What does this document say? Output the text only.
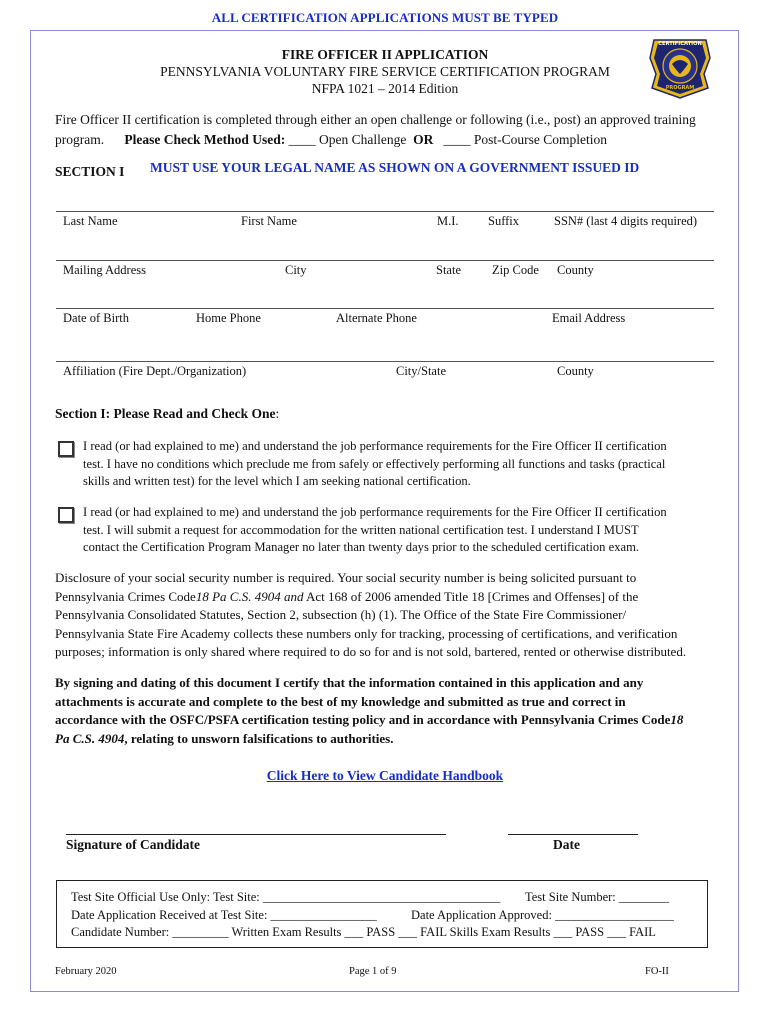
ALL CERTIFICATION APPLICATIONS MUST BE TYPED
FIRE OFFICER II APPLICATION
PENNSYLVANIA VOLUNTARY FIRE SERVICE CERTIFICATION PROGRAM
NFPA 1021 – 2014 Edition
CERTIFICATION
PROGRAM
Fire Officer II certification is completed through either an open challenge or following (i.e., post) an approved training
program. Please Check Method Used: ____ Open Challenge OR ____ Post-Course Completion
SECTION I MUST USE YOUR LEGAL NAME AS SHOWN ON A GOVERNMENT ISSUED ID
Last Name	First Name	M.I. Suffix	SSN# (last 4 digits required)
Mailing Address	City	State Zip Code County
Date of Birth	Home Phone	Alternate Phone	Email Address
Affiliation (Fire Dept./Organization)	City/State	County
Section I: Please Read and Check One:
I read (or had explained to me) and understand the job performance requirements for the Fire Officer II certification
test. I have no conditions which preclude me from safely or effectively performing all functions and tasks (practical
skills and written test) for the level which I am seeking national certification.
I read (or had explained to me) and understand the job performance requirements for the Fire Officer II certification
test. I will submit a request for accommodation for the written national certification test. I understand I MUST
contact the Certification Program Manager no later than twenty days prior to the scheduled certification exam.
Disclosure of your social security number is required. Your social security number is being solicited pursuant to
Pennsylvania Crimes Code18 Pa C.S. 4904 and Act 168 of 2006 amended Title 18 [Crimes and Offenses] of the
Pennsylvania Consolidated Statutes, Section 2, subsection (h) (1). The Office of the State Fire Commissioner/
Pennsylvania State Fire Academy collects these numbers only for tracking, processing of certifications, and verification
purposes; information is only shared where required to do so for and is not sold, bartered, rented or otherwise distributed.
By signing and dating of this document I certify that the information contained in this application and any
attachments is accurate and complete to the best of my knowledge and submitted as true and correct in
accordance with the OSFC/PSFA certification testing policy and in accordance with Pennsylvania Crimes Code18
Pa C.S. 4904, relating to unsworn falsifications to authorities.
Click Here to View Candidate Handbook
Signature of Candidate	Date
Test Site Official Use Only: Test Site: ______________________________________ Test Site Number: ________
Date Application Received at Test Site: _________________	Date Application Approved: ___________________
Candidate Number: _________ Written Exam Results ___ PASS ___ FAIL Skills Exam Results ___ PASS ___ FAIL
February 2020	Page 1 of 9	FO-II
